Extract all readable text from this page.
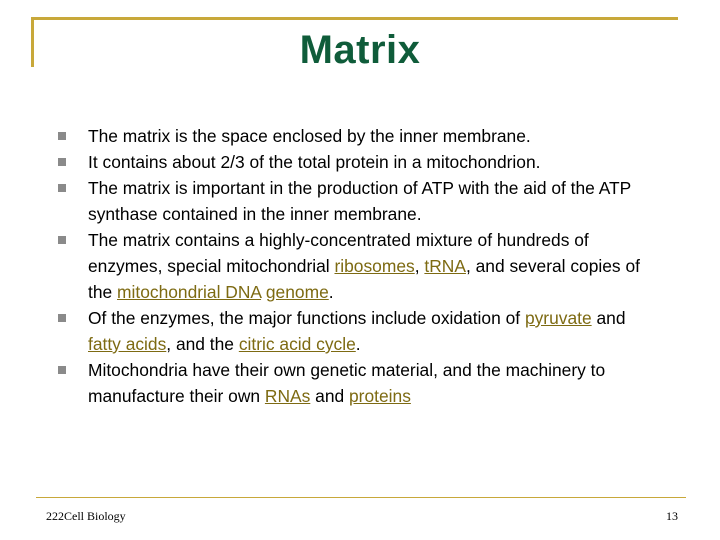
Matrix
The matrix is the space enclosed by the inner membrane.
It contains about 2/3 of the total protein in a mitochondrion.
The matrix is important in the production of ATP with the aid of the ATP synthase contained in the inner membrane.
The matrix contains a highly-concentrated mixture of hundreds of enzymes, special mitochondrial ribosomes, tRNA, and several copies of the mitochondrial DNA genome.
Of the enzymes, the major functions include oxidation of pyruvate and fatty acids, and the citric acid cycle.
Mitochondria have their own genetic material, and the machinery to manufacture their own RNAs and proteins
222Cell Biology	13
